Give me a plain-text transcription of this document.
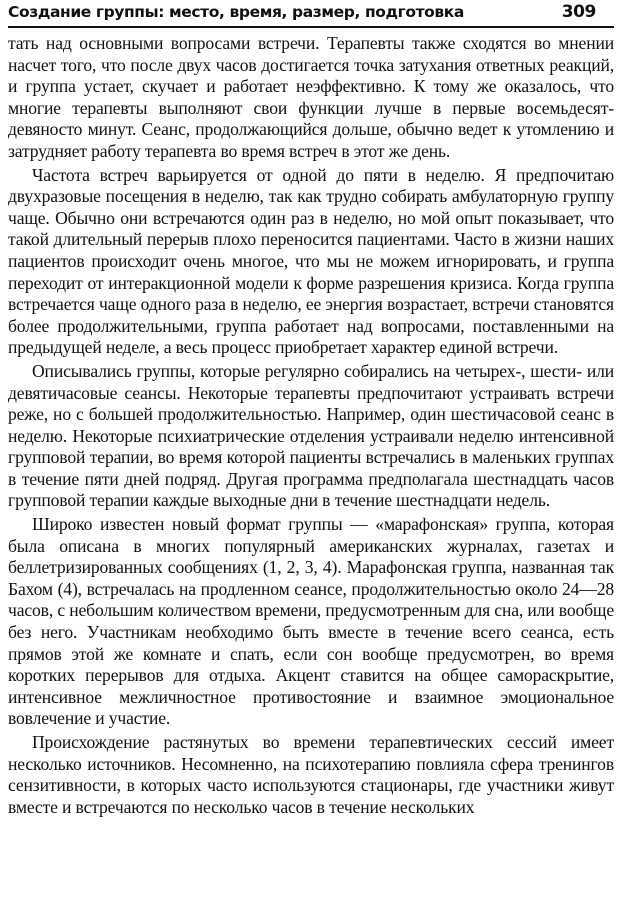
Создание группы: место, время, размер, подготовка	309

тать над основными вопросами встречи. Терапевты также сходятся во мнении насчет того, что после двух часов достигается точка затухания ответных реакций, и группа устает, скучает и работает неэффективно. К тому же оказалось, что многие терапевты выполняют свои функции лучше в первые восемьдесят-девяносто минут. Сеанс, продолжающийся дольше, обычно ведет к утомлению и затрудняет работу терапевта во время встреч в этот же день.

Частота встреч варьируется от одной до пяти в неделю. Я предпочитаю двухразовые посещения в неделю, так как трудно собирать амбулаторную группу чаще. Обычно они встречаются один раз в неделю, но мой опыт показывает, что такой длительный перерыв плохо переносится пациентами. Часто в жизни наших пациентов происходит очень многое, что мы не можем игнорировать, и группа переходит от интеракционной модели к форме разрешения кризиса. Когда группа встречается чаще одного раза в неделю, ее энергия возрастает, встречи становятся более продолжительными, группа работает над вопросами, поставленными на предыдущей неделе, а весь процесс приобретает характер единой встречи.

Описывались группы, которые регулярно собирались на четырех-, шести- или девятичасовые сеансы. Некоторые терапевты предпочитают устраивать встречи реже, но с большей продолжительностью. Например, один шестичасовой сеанс в неделю. Некоторые психиатрические отделения устраивали неделю интенсивной групповой терапии, во время которой пациенты встречались в маленьких группах в течение пяти дней подряд. Другая программа предполагала шестнадцать часов групповой терапии каждые выходные дни в течение шестнадцати недель.

Широко известен новый формат группы — «марафонская» группа, которая была описана в многих популярный американских журналах, газетах и беллетризированных сообщениях (1, 2, 3, 4). Марафонская группа, названная так Бахом (4), встречалась на продленном сеансе, продолжительностью около 24—28 часов, с небольшим количеством времени, предусмотренным для сна, или вообще без него. Участникам необходимо быть вместе в течение всего сеанса, есть прямов этой же комнате и спать, если сон вообще предусмотрен, во время коротких перерывов для отдыха. Акцент ставится на общее самораскрытие, интенсивное межличностное противостояние и взаимное эмоциональное вовлечение и участие.

Происхождение растянутых во времени терапевтических сессий имеет несколько источников. Несомненно, на психотерапию повлияла сфера тренингов сензитивности, в которых часто используются стационары, где участники живут вместе и встречаются по несколько часов в течение нескольких
